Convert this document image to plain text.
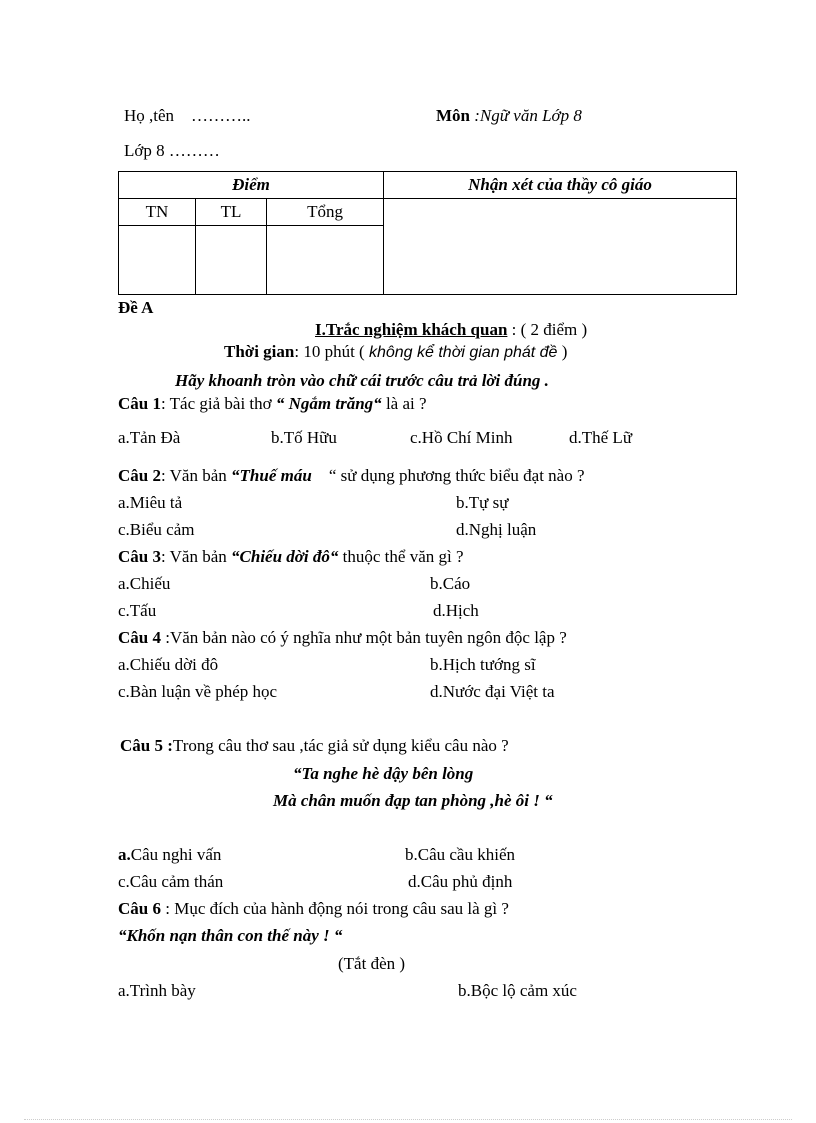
Họ ,tên ………..	Môn :Ngữ văn Lớp 8
Lớp 8 ………
Điểm			Nhận xét của thầy cô giáo
TN	TL	Tổng	

Đề A
I.Trắc nghiệm khách quan : ( 2 điểm )
Thời gian: 10 phút ( không kể thời gian phát đề )
Hãy khoanh tròn vào chữ cái trước câu trả lời đúng .
Câu 1: Tác giả bài thơ “ Ngắm trăng“ là ai ?
a.Tản Đà	b.Tố Hữu	c.Hồ Chí Minh	d.Thế Lữ
Câu 2: Văn bản “Thuế máu “ sử dụng phương thức biểu đạt nào ?
a.Miêu tả	b.Tự sự
c.Biểu cảm	d.Nghị luận
Câu 3: Văn bản “Chiếu dời đô“ thuộc thể văn gì ?
a.Chiếu	b.Cáo
c.Tấu	d.Hịch
Câu 4 :Văn bản nào có ý nghĩa như một bản tuyên ngôn độc lập ?
a.Chiếu dời đô	b.Hịch tướng sĩ
c.Bàn luận về phép học	d.Nước đại Việt ta
Câu 5 :Trong câu thơ sau ,tác giả sử dụng kiểu câu nào ?
“Ta nghe hè dậy bên lòng
Mà chân muốn đạp tan phòng ,hè ôi ! “
a.Câu nghi vấn	b.Câu cầu khiến
c.Câu cảm thán	d.Câu phủ định
Câu 6 : Mục đích của hành động nói trong câu sau là gì ?
“Khốn nạn thân con thế này ! “
(Tắt đèn )
a.Trình bày	b.Bộc lộ cảm xúc
